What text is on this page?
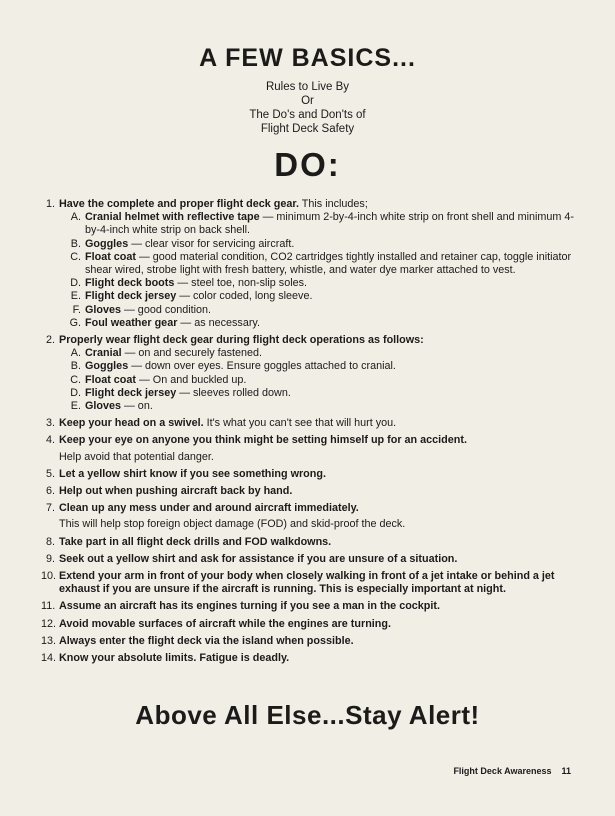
A FEW BASICS...
Rules to Live By
Or
The Do's and Don'ts of
Flight Deck Safety
DO:
1. Have the complete and proper flight deck gear. This includes;
A. Cranial helmet with reflective tape — minimum 2-by-4-inch white strip on front shell and minimum 4-by-4-inch white strip on back shell.
B. Goggles — clear visor for servicing aircraft.
C. Float coat — good material condition, CO2 cartridges tightly installed and retainer cap, toggle initiator shear wired, strobe light with fresh battery, whistle, and water dye marker attached to vest.
D. Flight deck boots — steel toe, non-slip soles.
E. Flight deck jersey — color coded, long sleeve.
F. Gloves — good condition.
G. Foul weather gear — as necessary.
2. Properly wear flight deck gear during flight deck operations as follows:
A. Cranial — on and securely fastened.
B. Goggles — down over eyes. Ensure goggles attached to cranial.
C. Float coat — On and buckled up.
D. Flight deck jersey — sleeves rolled down.
E. Gloves — on.
3. Keep your head on a swivel. It's what you can't see that will hurt you.
4. Keep your eye on anyone you think might be setting himself up for an accident.
Help avoid that potential danger.
5. Let a yellow shirt know if you see something wrong.
6. Help out when pushing aircraft back by hand.
7. Clean up any mess under and around aircraft immediately.
This will help stop foreign object damage (FOD) and skid-proof the deck.
8. Take part in all flight deck drills and FOD walkdowns.
9. Seek out a yellow shirt and ask for assistance if you are unsure of a situation.
10. Extend your arm in front of your body when closely walking in front of a jet intake or behind a jet exhaust if you are unsure if the aircraft is running. This is especially important at night.
11. Assume an aircraft has its engines turning if you see a man in the cockpit.
12. Avoid movable surfaces of aircraft while the engines are turning.
13. Always enter the flight deck via the island when possible.
14. Know your absolute limits. Fatigue is deadly.
Above All Else...Stay Alert!
Flight Deck Awareness 11
